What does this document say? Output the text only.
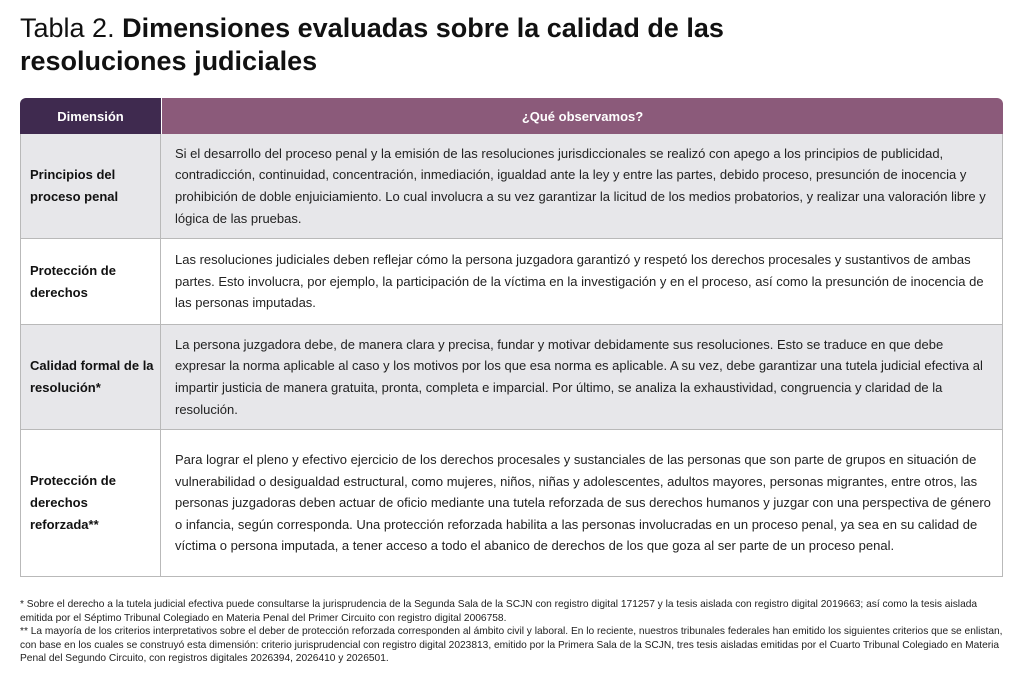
Tabla 2. Dimensiones evaluadas sobre la calidad de las resoluciones judiciales
Dimensión	¿Qué observamos?
Principios del proceso penal
Si el desarrollo del proceso penal y la emisión de las resoluciones jurisdiccionales se realizó con apego a los principios de publicidad, contradicción, continuidad, concentración, inmediación, igualdad ante la ley y entre las partes, debido proceso, presunción de inocencia y prohibición de doble enjuiciamiento. Lo cual involucra a su vez garantizar la licitud de los medios probatorios, y realizar una valoración libre y lógica de las pruebas.
Protección de derechos
Las resoluciones judiciales deben reflejar cómo la persona juzgadora garantizó y respetó los derechos procesales y sustantivos de ambas partes. Esto involucra, por ejemplo, la participación de la víctima en la investigación y en el proceso, así como la presunción de inocencia de las personas imputadas.
Calidad formal de la resolución*
La persona juzgadora debe, de manera clara y precisa, fundar y motivar debidamente sus resoluciones. Esto se traduce en que debe expresar la norma aplicable al caso y los motivos por los que esa norma es aplicable. A su vez, debe garantizar una tutela judicial efectiva al impartir justicia de manera gratuita, pronta, completa e imparcial. Por último, se analiza la exhaustividad, congruencia y claridad de la resolución.
Protección de derechos reforzada**
Para lograr el pleno y efectivo ejercicio de los derechos procesales y sustanciales de las personas que son parte de grupos en situación de vulnerabilidad o desigualdad estructural, como mujeres, niños, niñas y adolescentes, adultos mayores, personas migrantes, entre otros, las personas juzgadoras deben actuar de oficio mediante una tutela reforzada de sus derechos humanos y juzgar con una perspectiva de género o infancia, según corresponda. Una protección reforzada habilita a las personas involucradas en un proceso penal, ya sea en su calidad de víctima o persona imputada, a tener acceso a todo el abanico de derechos de los que goza al ser parte de un proceso penal.

* Sobre el derecho a la tutela judicial efectiva puede consultarse la jurisprudencia de la Segunda Sala de la SCJN con registro digital 171257 y la tesis aislada con registro digital 2019663; así como la tesis aislada emitida por el Séptimo Tribunal Colegiado en Materia Penal del Primer Circuito con registro digital 2006758.

** La mayoría de los criterios interpretativos sobre el deber de protección reforzada corresponden al ámbito civil y laboral. En lo reciente, nuestros tribunales federales han emitido los siguientes criterios que se enlistan, con base en los cuales se construyó esta dimensión: criterio jurisprudencial con registro digital 2023813, emitido por la Primera Sala de la SCJN, tres tesis aisladas emitidas por el Cuarto Tribunal Colegiado en Materia Penal del Segundo Circuito, con registros digitales 2026394, 2026410 y 2026501.
